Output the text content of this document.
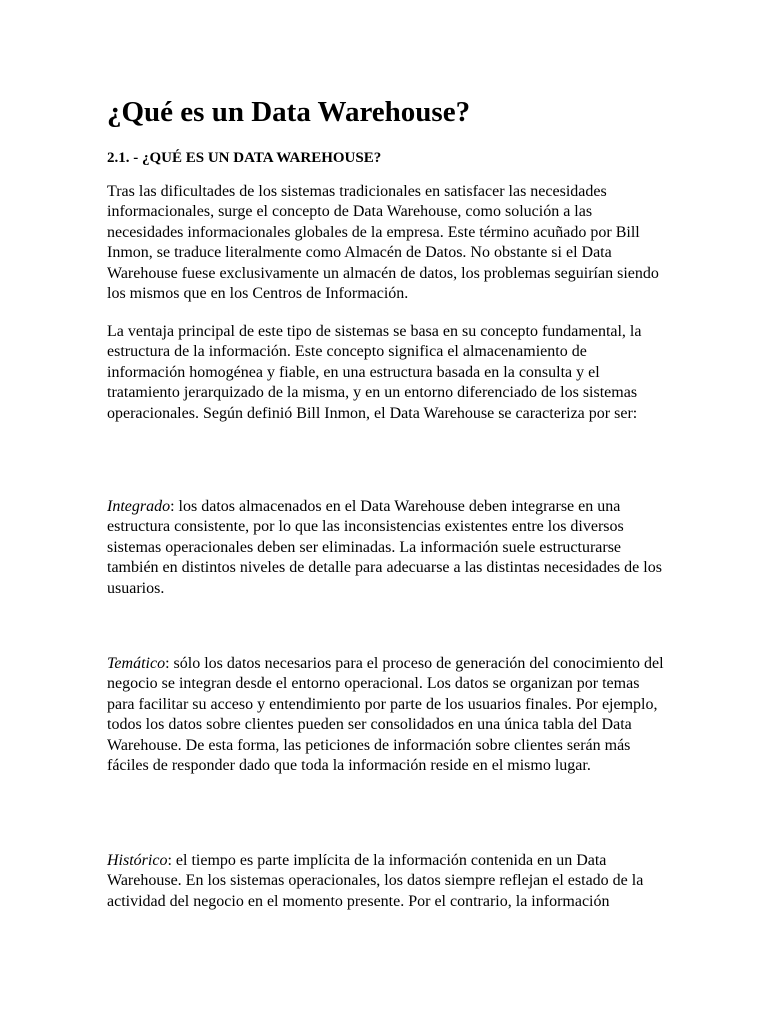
¿Qué es un Data Warehouse?
2.1. - ¿QUÉ ES UN DATA WAREHOUSE?

Tras las dificultades de los sistemas tradicionales en satisfacer las necesidades informacionales, surge el concepto de Data Warehouse, como solución a las necesidades informacionales globales de la empresa. Este término acuñado por Bill Inmon, se traduce literalmente como Almacén de Datos. No obstante si el Data Warehouse fuese exclusivamente un almacén de datos, los problemas seguirían siendo los mismos que en los Centros de Información.

La ventaja principal de este tipo de sistemas se basa en su concepto fundamental, la estructura de la información. Este concepto significa el almacenamiento de información homogénea y fiable, en una estructura basada en la consulta y el tratamiento jerarquizado de la misma, y en un entorno diferenciado de los sistemas operacionales. Según definió Bill Inmon, el Data Warehouse se caracteriza por ser:

Integrado: los datos almacenados en el Data Warehouse deben integrarse en una estructura consistente, por lo que las inconsistencias existentes entre los diversos sistemas operacionales deben ser eliminadas. La información suele estructurarse también en distintos niveles de detalle para adecuarse a las distintas necesidades de los usuarios.

Temático: sólo los datos necesarios para el proceso de generación del conocimiento del negocio se integran desde el entorno operacional. Los datos se organizan por temas para facilitar su acceso y entendimiento por parte de los usuarios finales. Por ejemplo, todos los datos sobre clientes pueden ser consolidados en una única tabla del Data Warehouse. De esta forma, las peticiones de información sobre clientes serán más fáciles de responder dado que toda la información reside en el mismo lugar.

Histórico: el tiempo es parte implícita de la información contenida en un Data Warehouse. En los sistemas operacionales, los datos siempre reflejan el estado de la actividad del negocio en el momento presente. Por el contrario, la información
